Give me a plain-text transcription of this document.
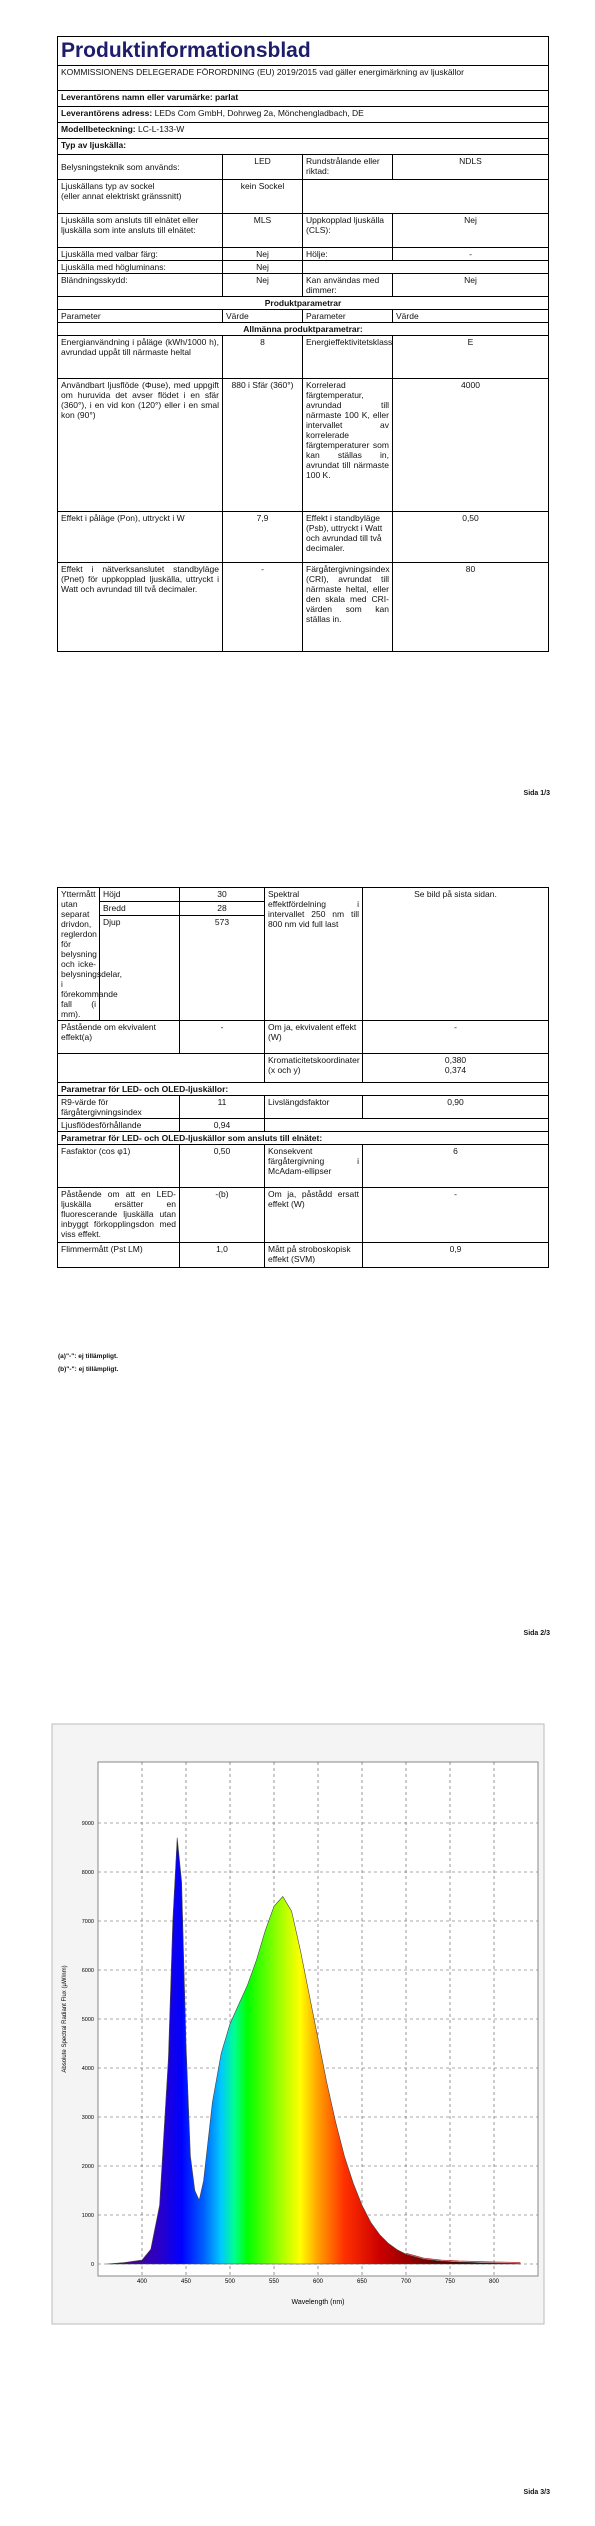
Produktinformationsblad			
KOMMISSIONENS DELEGERADE FÖRORDNING (EU) 2019/2015 vad gäller energimärkning av ljuskällor			
Leverantörens namn eller varumärke: parlat			
Leverantörens adress: LEDs Com GmbH, Dohrweg 2a, Mönchengladbach, DE			
Modellbeteckning: LC-L-133-W			
Typ av ljuskälla:			
Belysningsteknik som används:	LED	Rundstrålande eller riktad:	NDLS
Ljuskällans typ av sockel
(eller annat elektriskt gränssnitt)	kein Sockel		
Ljuskälla som ansluts till elnätet eller ljuskälla som inte ansluts till elnätet:	MLS	Uppkopplad ljuskälla (CLS):	Nej
Ljuskälla med valbar färg:	Nej	Hölje:	-
Ljuskälla med högluminans:	Nej		
Bländningsskydd:	Nej	Kan användas med dimmer:	Nej
Produktparametrar			
Parameter	Värde	Parameter	Värde
Allmänna produktparametrar:			
Energianvändning i påläge (kWh/1000 h), avrundad uppåt till närmaste heltal	8	Energieffektivitetsklass	E
Användbart ljusflöde (Φuse), med uppgift om huruvida det avser flödet i en sfär (360°), i en vid kon (120°) eller i en smal kon (90°)	880 i Sfär (360°)	Korrelerad färgtemperatur, avrundad till närmaste 100 K, eller intervallet av korrelerade färgtemperaturer som kan ställas in, avrundat till närmaste 100 K.	4000
Effekt i påläge (Pon), uttryckt i W	7,9	Effekt i standbyläge (Psb), uttryckt i Watt och avrundad till två decimaler.	0,50
Effekt i nätverksanslutet standbyläge (Pnet) för uppkopplad ljuskälla, uttryckt i Watt och avrundad till två decimaler.	-	Färgåtergivningsindex (CRI), avrundat till närmaste heltal, eller den skala med CRI-värden som kan ställas in.	80
Sida 1/3
Yttermått utan separat drivdon, reglerdon för belysning och icke-belysningsdelar, i förekommande fall (i mm).	Höjd	30	Spektral effektfördelning i intervallet 250 nm till 800 nm vid full last	Se bild på sista sidan.
	Bredd	28		
	Djup	573		
Påstående om ekvivalent effekt(a)		-	Om ja, ekvivalent effekt (W)	-
			Kromaticitetskoordinater (x och y)	0,380
0,374

Parametrar för LED- och OLED-ljuskällor:				
R9-värde för färgåtergivningsindex		11	Livslängdsfaktor	0,90
Ljusflödesförhållande		0,94		
Parametrar för LED- och OLED-ljuskällor som ansluts till elnätet:				
Fasfaktor (cos φ1)		0,50	Konsekvent färgåtergivning i McAdam-ellipser	6
Påstående om att en LED-ljuskälla ersätter en fluorescerande ljuskälla utan inbyggt förkopplingsdon med viss effekt.		-(b)	Om ja, påstådd ersatt effekt (W)	-
Flimmermått (Pst LM)		1,0	Mått på stroboskopisk effekt (SVM)	0,9
(a)"-": ej tillämpligt.
(b)"-": ej tillämpligt.
Sida 2/3
400	450	500	550	600	650	700	750	800
0
1000
2000
3000
4000
5000
6000
7000
8000
9000
Wavelength (nm)
Absolute Spectral Radiant Flux (µW/nm)
Sida 3/3
